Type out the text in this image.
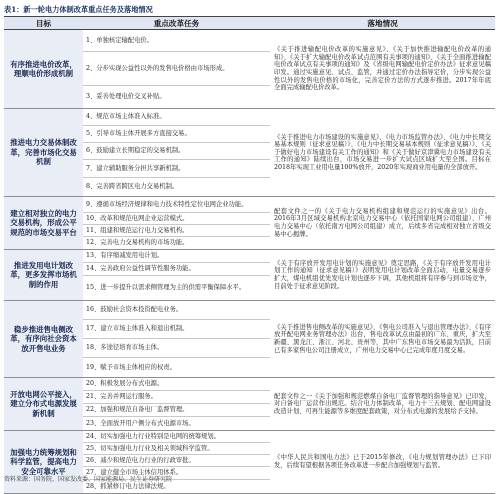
表1：新一轮电力体制改革重点任务及落地情况
目标	重点改革任务	落地情况
有序推进电价改革，理顺电价形成机制	1、单独核定输配电价。
2、分步实现公益性以外的发售电价格由市场形成。
3、妥善处理电价交叉补贴。	《关于推进输配电价改革的实施意见》、《关于加快推进输配电价改革的通知》、《关于扩大输配电价改革试点范围有关事项的通知》、《关于全面推进输配电价改革试点有关事项的通知》及《省级电网输配电价定价办法》征求意见稿印发。通过实施意见、试点、监管，并通过定价办法指导定价，分步实现公益性以外的发售电价格的市场化，完善定价方法的方式逐步推进。2017年年底全面完成输配电价改革。
推进电力交易体制改革，完善市场化交易机制	4、规范市场主体准入标准。
5、引导市场主体开展多方直接交易。
6、鼓励建立长期稳定的交易机制。
7、建立辅助服务分担共享新机制。
8、完善跨省跨区电力交易机制。	《关于推进电力市场建设的实施意见》、《电力市场监管办法》、《电力中长期交易基本规则（征求意见稿）》、《电力中长期交易基本规则（征求意见稿）》、《关于做好电力市场建设有关工作的通知》和《关于做好京津冀电力市场建设有关工作的通知》陆续出台，市场交易进一步扩大试点区域扩大至全国。目标在2018年实现工业用电量100%放开，2020年实现商业用电量的全部放开。
建立相对独立的电力交易机构，形成公平规范的市场交易平台	9、遵循市场经济规律和电力技术特性定位电网企业功能。
10、改革和规范电网企业运营模式。
11、组建和规范运行电力交易机构。
12、完善电力交易机构的市场功能。	配套文件之一的《关于电力交易机构组建和规范运行的实施意见》出台。2016年3月区域交易机构北京电力交易中心（依托国家电网公司组建）、广州电力交易中心（依托南方电网公司组建）成立，后续多省完成相对独立省级交易中心揭牌。
推进发用电计划改革，更多发挥市场机制的作用	13、有序缩减发用电计划。
14、完善政府公益性调节性服务功能。
15、进一步提升以需求侧管理为主的供需平衡保障水平。	《关于有序放开发用电计划的实施意见》奠定思路，《关于有序放开发用电计划工作的通知（征求意见稿）》表明发用电计划改革全面启动，电量交易逐步扩大，煤电机组优先发电计划也逐步下调，其他机组将有序参与到市场竞争，目前处于征求意见阶段。
稳步推进售电侧改革，有序向社会资本放开售电业务	16、鼓励社会资本投资配电业务。
17、建立市场主体准入和退出机制。
18、多途径培育市场主体。
19、赋予市场主体相应的权责。	《关于推进售电侧改革的实施意见》、《售电公司准入与退出管理办法》、《有序放开配电网业务管理办法》出台，售电改革试点由最初的广东、重庆，扩大至新疆、黑龙江、浙江、河北、贵州等，其中广东售电市场交易最为活跃，目前已有多家售电公司注册成立，广州电力交易中心已完成年度月度交易。
开放电网公平接入，建立分布式电源发展新机制	20、积极发展分布式电源。
21、完善并网运行服务。
22、加强和规范自备电厂监督管理。
23、全面放开用户侧分布式电源市场。	配套文件之一《关于加强和规范燃煤自备电厂监督管理的指导意见》已印发，对自备电厂运营作出规范。结合电力体制改革，电力十三五规划、配电网建设改造计划、可再生能源等多维度配套政策，对分布式电源的发展给予支持。
加强电力统筹规划和科学监管，提高电力安全可靠水平	24、切实加强电力行业特别是电网的统筹规划。
25、切实加强电力行业及相关领域科学监管。
26、减少和规范电力行业的行政审批。
27、建立健全市场主体信用体系。
28、抓紧修订电力法律法规。	《中华人民共和国电力法》已于2015年修改，《电力规划管理办法》已下印发，后续有望根据各项任务改革进一步配合加强规划与监管。
资料来源：国务院、国家发改委、国家能源局、民生证券研究院
